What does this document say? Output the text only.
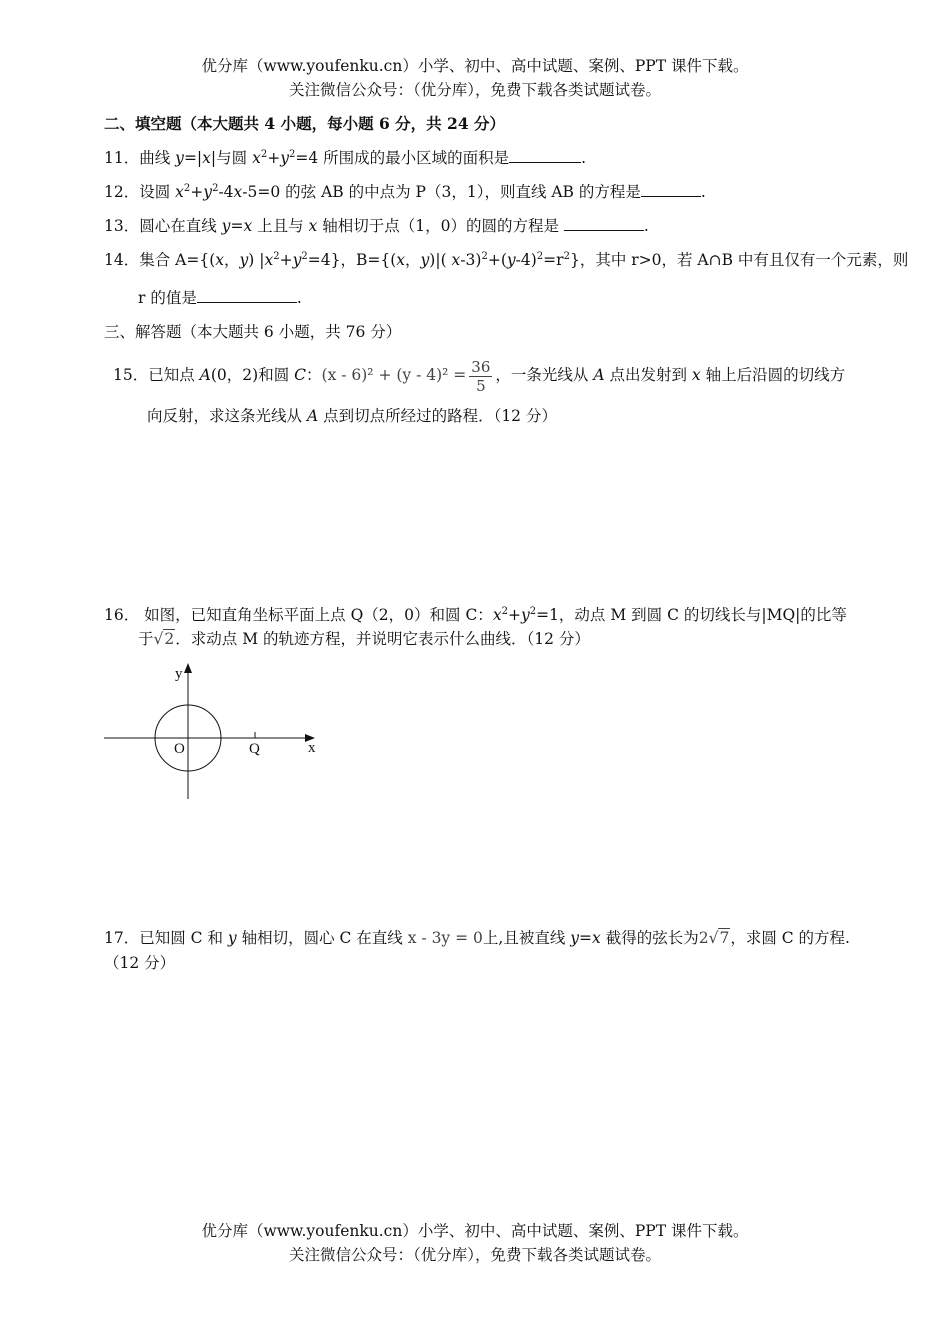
优分库（www.youfenku.cn）小学、初中、高中试题、案例、PPT 课件下载。
关注微信公众号：（优分库），免费下载各类试题试卷。
二、填空题（本大题共 4 小题，每小题 6 分，共 24 分）
11．曲线 y=|x|与圆 $x^2+y^2=4$ 所围成的最小区域的面积是	.
12．设圆 $x^2+y^2-4x-5=0$ 的弦 AB 的中点为 P（3，1），则直线 AB 的方程是	.
13．圆心在直线 y=x 上且与 x 轴相切于点（1，0）的圆的方程是	.
14．集合 A={(x，y) $|x^2+y^2=4$}，B={(x，y)|( $x-3)^2+(y-4)^2=r^2$}，其中 r>0，若 A∩B 中有且仅有一个元素，则
r 的值是	.
三、解答题（本大题共 6 小题，共 76 分）
15．已知点 A(0，2)和圆 C：$(x - 6)^2 + (y - 4)^2 = \frac{36}{5}$ ，一条光线从 A 点出发射到 x 轴上后沿圆的切线方
向反射，求这条光线从 A 点到切点所经过的路程．（12 分）
16． 如图，已知直角坐标平面上点 Q（2，0）和圆 C：$x^2+y^2=1$，动点 M 到圆 C 的切线长与|MQ|的比等
于√2．求动点 M 的轨迹方程，并说明它表示什么曲线．（12 分）
y
x
O	Q
17．已知圆 C 和 y 轴相切，圆心 C 在直线 x - 3y = 0上,且被直线 y=x 截得的弦长为2√7，求圆 C 的方程.
（12 分）
优分库（www.youfenku.cn）小学、初中、高中试题、案例、PPT 课件下载。
关注微信公众号：（优分库），免费下载各类试题试卷。
